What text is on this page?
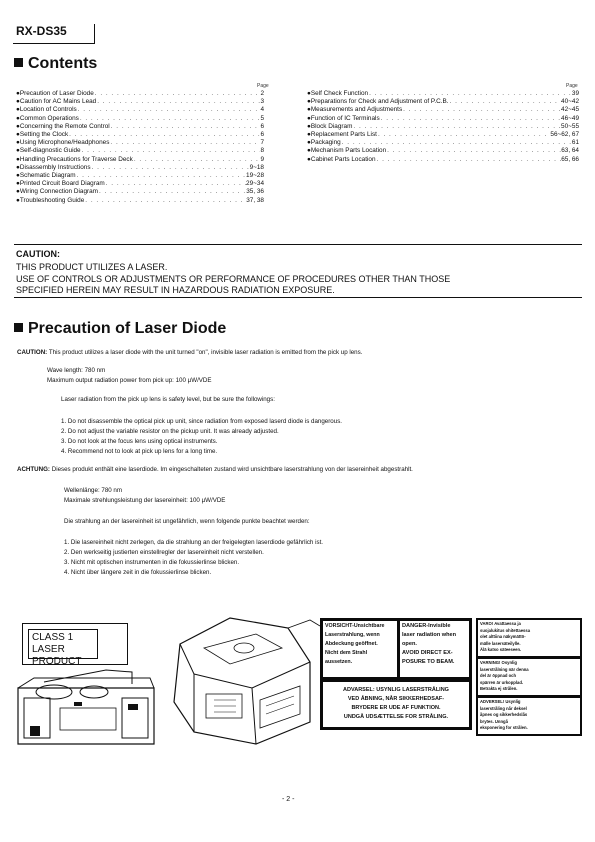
RX-DS35
Contents
Page	Page
●Precaution of Laser Diode . . .	2
●Caution for AC Mains Lead . . .	3
●Location of Controls . . .	4
●Common Operations . . .	5
●Concerning the Remote Control . . .	6
●Setting the Clock . . .	6
●Using Microphone/Headphones . . .	7
●Self-diagnostic Guide . . .	8
●Handling Precautions for Traverse Deck . . .	9
●Disassembly Instructions . . .	9~18
●Schematic Diagram . . .	19~28
●Printed Circuit Board Diagram . . .	29~34
●Wiring Connection Diagram . . .	35, 36
●Troubleshooting Guide . . .	37, 38
●Self Check Function . . .	39
●Preparations for Check and Adjustment of P.C.B. . . .	40~42
●Measurements and Adjustments . . .	42~45
●Function of IC Terminals . . .	46~49
●Block Diagram . . .	50~55
●Replacement Parts List . . .	56~62, 67
●Packaging . . .	61
●Mechanism Parts Location . . .	63, 64
●Cabinet Parts Location . . .	65, 66
CAUTION:
THIS PRODUCT UTILIZES A LASER.
USE OF CONTROLS OR ADJUSTMENTS OR PERFORMANCE OF PROCEDURES OTHER THAN THOSE
SPECIFIED HEREIN MAY RESULT IN HAZARDOUS RADIATION EXPOSURE.
Precaution of Laser Diode
CAUTION: This product utilizes a laser diode with the unit turned "on", invisible laser radiation is emitted from the pick up lens.
Wave length: 780 nm
Maximum output radiation power from pick up: 100 μW/VDE
Laser radiation from the pick up lens is safety level, but be sure the followings:
1. Do not disassemble the optical pick up unit, since radiation from exposed laserd diode is dangerous.
2. Do not adjust the variable resistor on the pickup unit. It was already adjusted.
3. Do not look at the focus lens using optical instruments.
4. Recommend not to look at pick up lens for a long time.
ACHTUNG: Dieses produkt enthält eine laserdiode. Im eingeschalteten zustand wird unsichtbare laserstrahlung von der lasereinheit abgestrahlt.
Wellenlänge: 780 nm
Maximale strehlungsleistung der lasereinheit: 100 μW/VDE
Die strahlung an der lasereinheit ist ungefährlich, wenn folgende punkte beachtet werden:
1. Die lasereinheit nicht zerlegen, da die strahlung an der freigelegten laserdiode gefährlich ist.
2. Den werkseitig justierten einstellregler der lasereinheit nicht verstellen.
3. Nicht mit optischen instrumenten in die fokussierlinse blicken.
4. Nicht über längere zeit in die fokussierlinse blicken.
CLASS 1
LASER PRODUCT
VORSICHT-Unsichtbare
Laserstrahlung, wenn
Abdeckung geöffnet.
Nicht dem Strahl
aussetzen.
DANGER-Invisible
laser radiation when
open.
AVOID DIRECT EX-
POSURE TO BEAM.
ADVARSEL: USYNLIG LASERSTRÅLING
VED ÅBNING, NÅR SIKKERHEDSAF-
BRYDERE ER UDE AF FUNKTION.
UNDGÅ UDSÆTTELSE FOR STRÅLING.
VARO! Avattaessa ja
suojalukitus ohitettaessa
olet alttiina näkymättö-
mälle lasersäteilylle.
Älä katso säteeseen.
VARNING! Osynlig
laserstrålning när denna
del är öppnad och
spärren är urkopplad.
Betrakta ej strålen.
ADVERSEL! Usynlig
laserstråling når deksel
åpnes og sikkerhedslås
brytes. Unngå
eksponering for strålen.
- 2 -
